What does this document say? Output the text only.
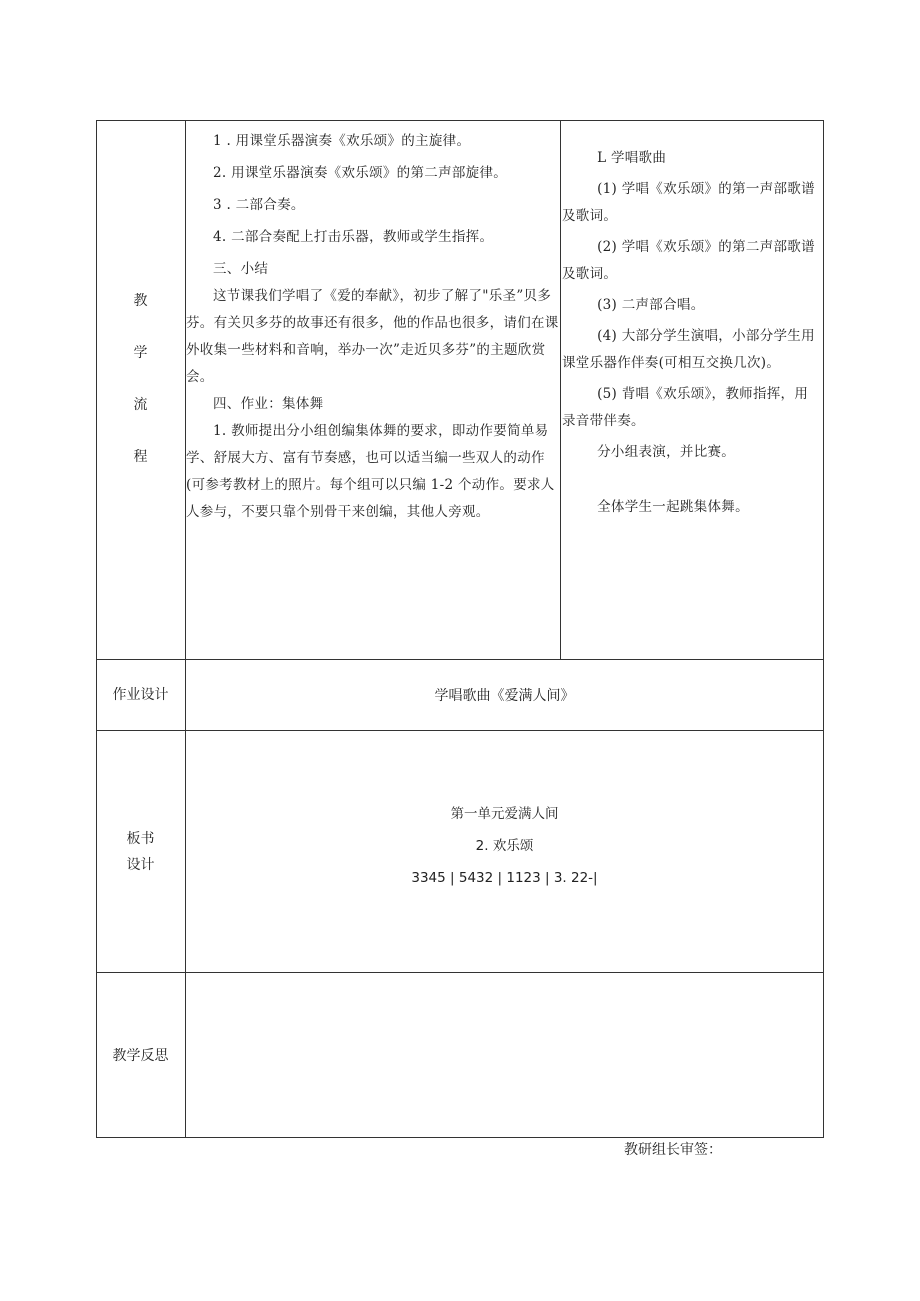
教
学
流
程

1 . 用课堂乐器演奏《欢乐颂》的主旋律。

2. 用课堂乐器演奏《欢乐颂》的第二声部旋律。

3 . 二部合奏。

4. 二部合奏配上打击乐器，教师或学生指挥。

三、小结

这节课我们学唱了《爱的奉献》，初步了解了"乐圣”贝多芬。有关贝多芬的故事还有很多，他的作品也很多，请们在课外收集一些材料和音响，举办一次”走近贝多芬”的主题欣赏会。

四、作业：集体舞

1. 教师提出分小组创编集体舞的要求，即动作要简单易学、舒展大方、富有节奏感，也可以适当编一些双人的动作(可参考教材上的照片。每个组可以只编 1-2 个动作。要求人人参与，不要只靠个别骨干来创编，其他人旁观。

L 学唱歌曲

(1) 学唱《欢乐颂》的第一声部歌谱及歌词。

(2) 学唱《欢乐颂》的第二声部歌谱及歌词。

(3) 二声部合唱。

(4) 大部分学生演唱，小部分学生用课堂乐器作伴奏(可相互交换几次)。

(5) 背唱《欢乐颂》，教师指挥，用录音带伴奏。

分小组表演，并比赛。

全体学生一起跳集体舞。

作业设计	学唱歌曲《爱满人间》
板书
设计
第一单元爱满人间
2. 欢乐颂
3345 | 5432 | 1123 | 3. 22-|
教学反思
教研组长审签：
